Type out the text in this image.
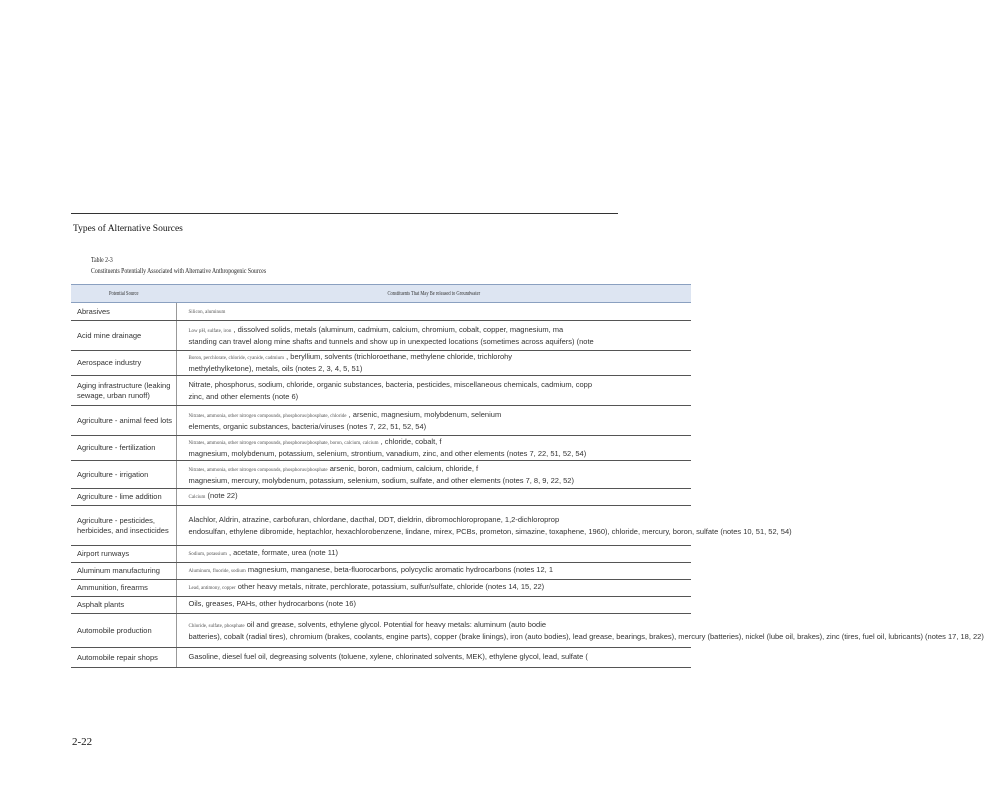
Types of Alternative Sources
Table 2-3
Constituents Potentially Associated with Alternative Anthropogenic Sources
Potential Source	Constituents That May Be released to Groundwater
Abrasives	Silicon, aluminum

Acid mine drainage	Low pH, sulfate, iron , dissolved solids, metals (aluminum, cadmium, calcium, chromium, cobalt, copper, magnesium, ma
standing can travel along mine shafts and tunnels and show up in unexpected locations (sometimes across aquifers) (note

Aerospace industry	Boron, perchlorate, chloride, cyanide, cadmium , beryllium, solvents (trichloroethane, methylene chloride, trichlorohy
methylethylketone), metals, oils (notes 2, 3, 4, 5, 51)

Aging infrastructure (leaking sewage, urban runoff)	Nitrate, phosphorus, sodium, chloride, organic substances, bacteria, pesticides, miscellaneous chemicals, cadmium, copp
zinc, and other elements (note 6)

Agriculture - animal feed lots	Nitrates, ammonia, other nitrogen compounds, phosphorus/phosphate, chloride , arsenic, magnesium, molybdenum, selenium
elements, organic substances, bacteria/viruses (notes 7, 22, 51, 52, 54)

Agriculture - fertilization	Nitrates, ammonia, other nitrogen compounds, phosphorus/phosphate, boron, calcium, calcium , chloride, cobalt, f
magnesium, molybdenum, potassium, selenium, strontium, vanadium, zinc, and other elements (notes 7, 22, 51, 52, 54)

Agriculture - irrigation	Nitrates, ammonia, other nitrogen compounds, phosphorus/phosphate arsenic, boron, cadmium, calcium, chloride, f
magnesium, mercury, molybdenum, potassium, selenium, sodium, sulfate, and other elements (notes 7, 8, 9, 22, 52)

Agriculture - lime addition	Calcium (note 22)

Agriculture - pesticides, herbicides, and insecticides	Alachlor, Aldrin, atrazine, carbofuran, chlordane, dacthal, DDT, dieldrin, dibromochloropropane, 1,2-dichloroprop
endosulfan, ethylene dibromide, heptachlor, hexachlorobenzene, lindane, mirex, PCBs, prometon, simazine, toxaphene, 1960), chloride, mercury, boron, sulfate (notes 10, 51, 52, 54)

Airport runways	Sodium, potassium , acetate, formate, urea (note 11)

Aluminum manufacturing	Aluminum, fluoride, sodium magnesium, manganese, beta-fluorocarbons, polycyclic aromatic hydrocarbons (notes 12, 1

Ammunition, firearms	Lead, antimony, copper other heavy metals, nitrate, perchlorate, potassium, sulfur/sulfate, chloride (notes 14, 15, 22)

Asphalt plants	Oils, greases, PAHs, other hydrocarbons (note 16)

Automobile production	Chloride, sulfate, phosphate oil and grease, solvents, ethylene glycol. Potential for heavy metals: aluminum (auto bodie
batteries), cobalt (radial tires), chromium (brakes, coolants, engine parts), copper (brake linings), iron (auto bodies), lead grease, bearings, brakes), mercury (batteries), nickel (lube oil, brakes), zinc (tires, fuel oil, lubricants) (notes 17, 18, 22)

Automobile repair shops	Gasoline, diesel fuel oil, degreasing solvents (toluene, xylene, chlorinated solvents, MEK), ethylene glycol, lead, sulfate (
2-22
